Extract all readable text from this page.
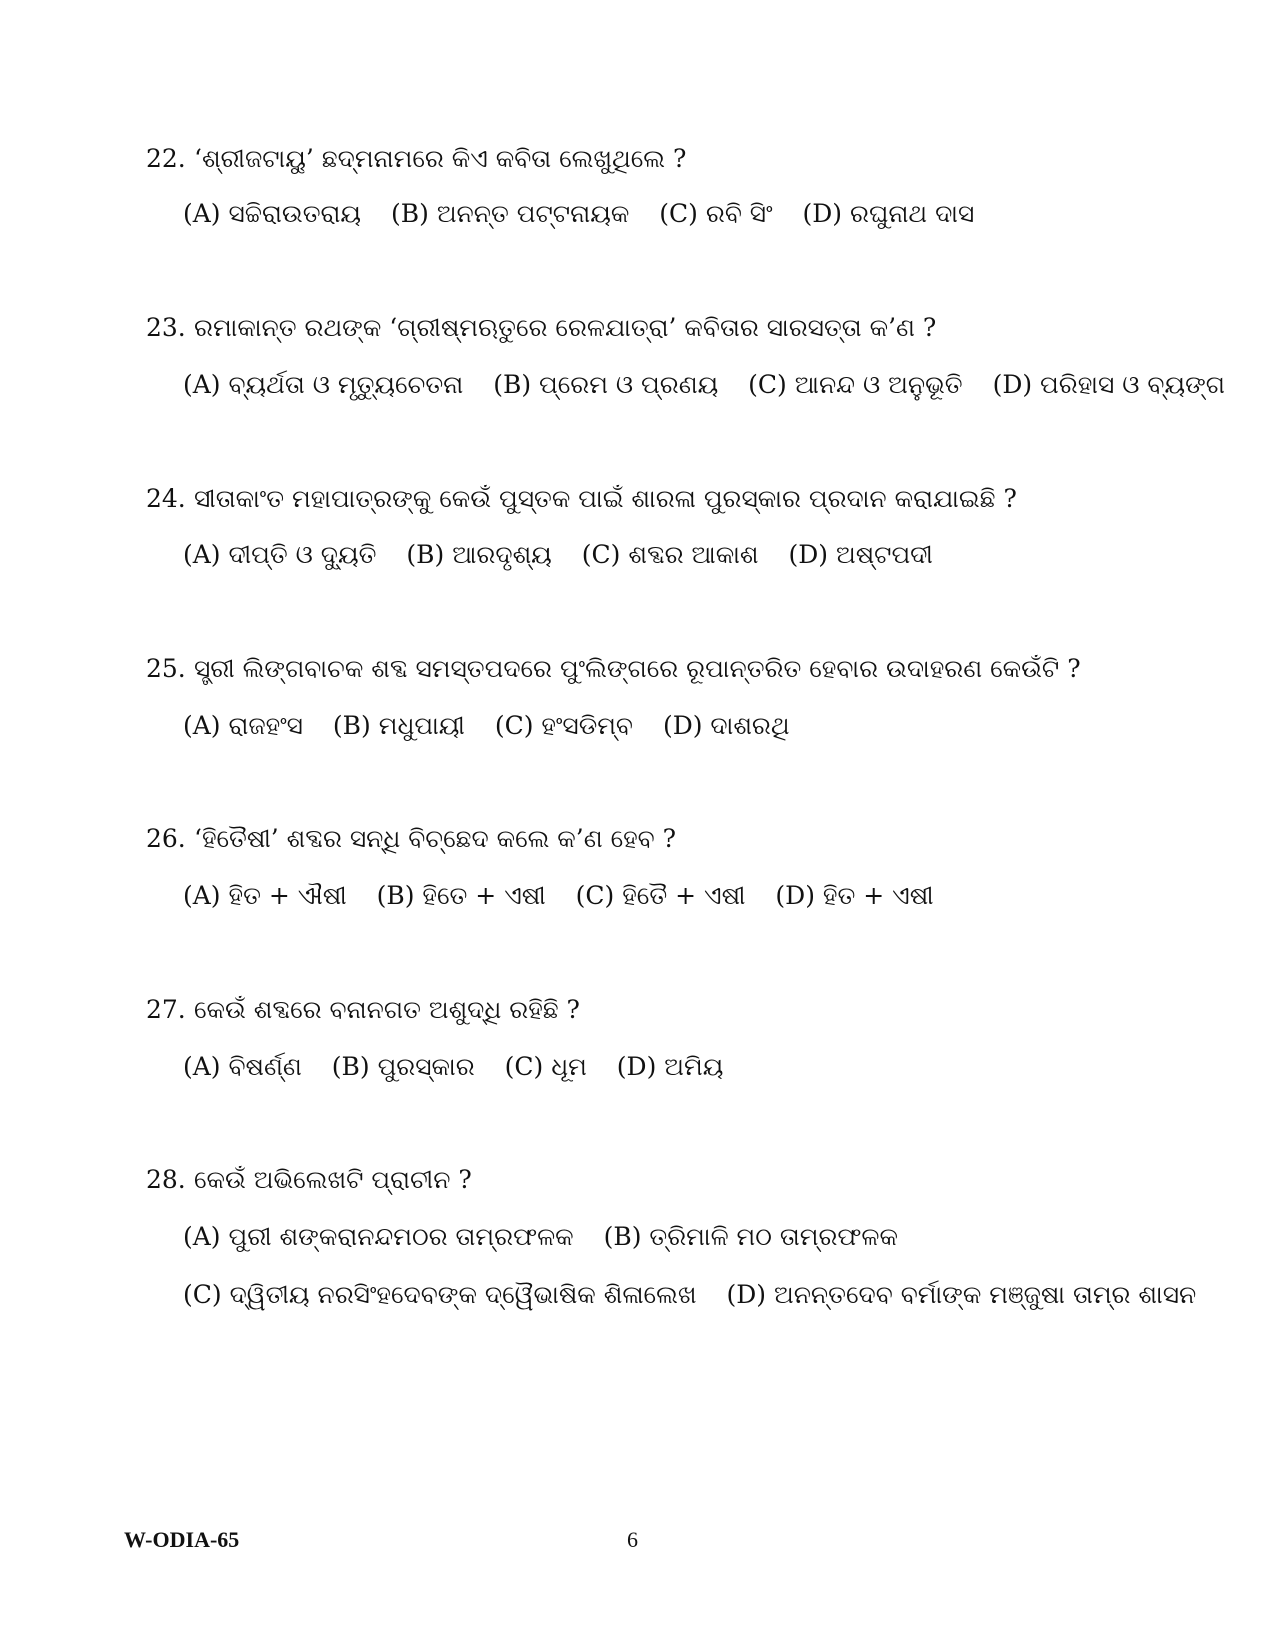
22. ‘ଶ୍ରୀଜଟାୟୁ’ ଛଦ୍ମନାମରେ କିଏ କବିତା ଲେଖୁଥିଲେ ?
(A) ସଚ୍ଚିରାଉତରାୟ (B) ଅନନ୍ତ ପଟ୍ଟନାୟକ (C) ରବି ସିଂ (D) ରଘୁନାଥ ଦାସ
23. ରମାକାନ୍ତ ରଥଙ୍କ ‘ଗ୍ରୀଷ୍ମଋତୁରେ ରେଳଯାତ୍ରା’ କବିତାର ସାରସତ୍ତା କ’ଣ ?
(A) ବ୍ୟର୍ଥତା ଓ ମୃତ୍ୟୁଚେତନା (B) ପ୍ରେମ ଓ ପ୍ରଣୟ (C) ଆନନ୍ଦ ଓ ଅନୁଭୂତି (D) ପରିହାସ ଓ ବ୍ୟଙ୍ଗ
24. ସୀତାକାଂତ ମହାପାତ୍ରଙ୍କୁ କେଉଁ ପୁସ୍ତକ ପାଇଁ ଶାରଳା ପୁରସ୍କାର ପ୍ରଦାନ କରାଯାଇଛି ?
(A) ଦୀପ୍ତି ଓ ଦ୍ୟୁତି (B) ଆରଦୃଶ୍ୟ (C) ଶବ୍ଦର ଆକାଶ (D) ଅଷ୍ଟପଦୀ
25. ସ୍ତ୍ରୀ ଲିଙ୍ଗବାଚକ ଶବ୍ଦ ସମସ୍ତପଦରେ ପୁଂଲିଙ୍ଗରେ ରୂପାନ୍ତରିତ ହେବାର ଉଦାହରଣ କେଉଁଟି ?
(A) ରାଜହଂସ (B) ମଧୁପାୟୀ (C) ହଂସଡିମ୍ବ (D) ଦାଶରଥି
26. ‘ହିତୈଷୀ’ ଶବ୍ଦର ସନ୍ଧି ବିଚ୍ଛେଦ କଲେ କ’ଣ ହେବ ?
(A) ହିତ + ଐଷୀ (B) ହିତେ + ଏଷୀ (C) ହିତୈ + ଏଷୀ (D) ହିତ + ଏଷୀ
27. କେଉଁ ଶବ୍ଦରେ ବନାନଗତ ଅଶୁଦ୍ଧି ରହିଛି ?
(A) ବିଷର୍ଣ୍ଣ (B) ପୁରସ୍କାର (C) ଧୂମ (D) ଅମିୟ
28. କେଉଁ ଅଭିଲେଖଟି ପ୍ରାଚୀନ ?
(A) ପୁରୀ ଶଙ୍କରାନନ୍ଦମଠର ତାମ୍ରଫଳକ (B) ତ୍ରିମାଳି ମଠ ତାମ୍ରଫଳକ
(C) ଦ୍ୱିତୀୟ ନରସିଂହଦେବଙ୍କ ଦ୍ୱୈଭାଷିକ ଶିଳାଲେଖ (D) ଅନନ୍ତଦେବ ବର୍ମାଙ୍କ ମଞ୍ଜୁଷା ତାମ୍ର ଶାସନ
W-ODIA-65	6
